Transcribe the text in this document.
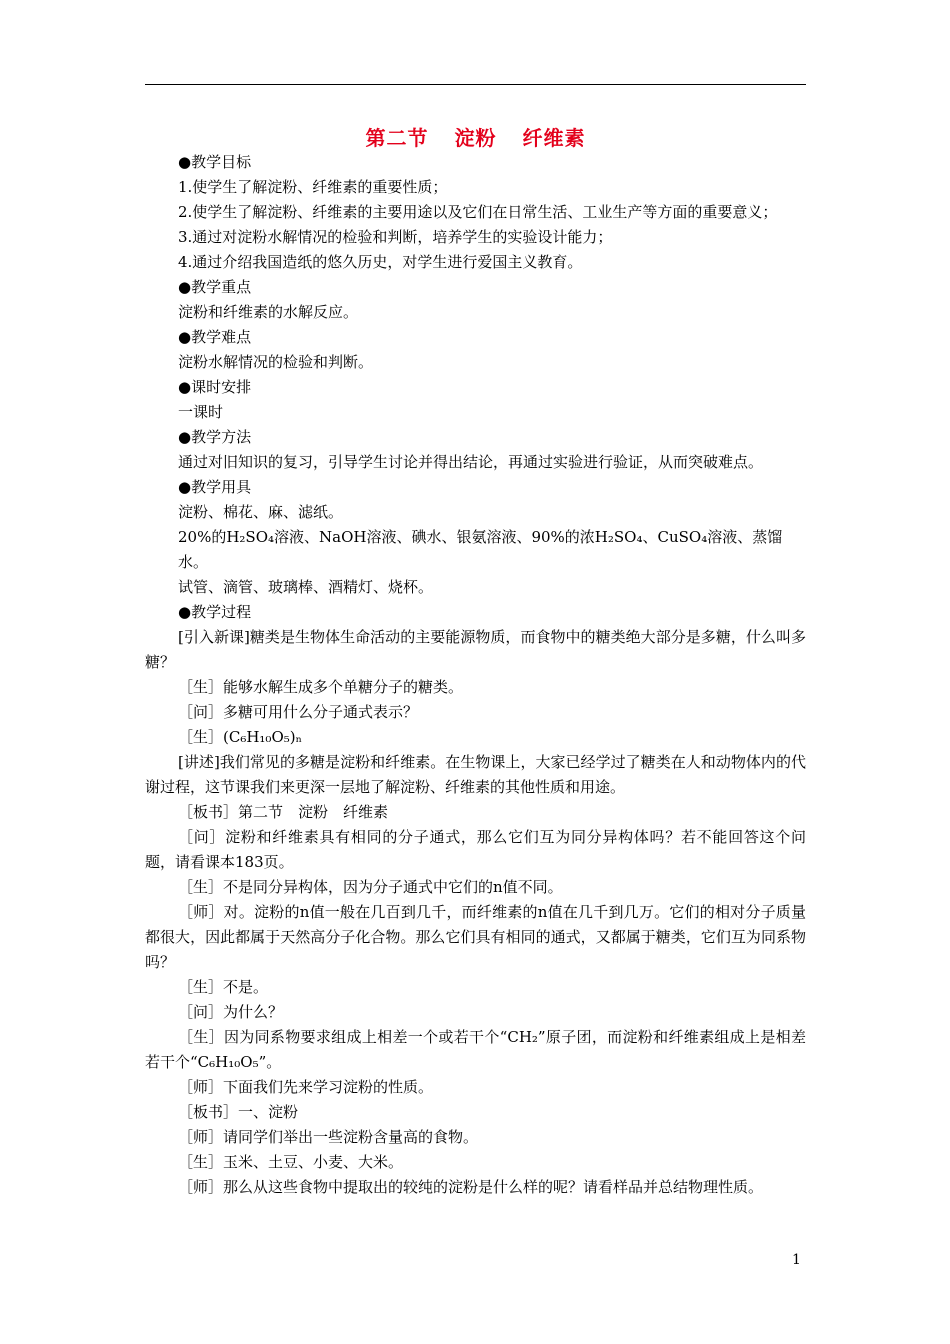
第二节 淀粉 纤维素

●教学目标

1.使学生了解淀粉、纤维素的重要性质；

2.使学生了解淀粉、纤维素的主要用途以及它们在日常生活、工业生产等方面的重要意义；

3.通过对淀粉水解情况的检验和判断，培养学生的实验设计能力；

4.通过介绍我国造纸的悠久历史，对学生进行爱国主义教育。

●教学重点

淀粉和纤维素的水解反应。

●教学难点

淀粉水解情况的检验和判断。

●课时安排

一课时

●教学方法

通过对旧知识的复习，引导学生讨论并得出结论，再通过实验进行验证，从而突破难点。

●教学用具

淀粉、棉花、麻、滤纸。

20%的H₂SO₄溶液、NaOH溶液、碘水、银氨溶液、90%的浓H₂SO₄、CuSO₄溶液、蒸馏水。

试管、滴管、玻璃棒、酒精灯、烧杯。

●教学过程

[引入新课]糖类是生物体生命活动的主要能源物质，而食物中的糖类绝大部分是多糖，什么叫多糖？

［生］能够水解生成多个单糖分子的糖类。

［问］多糖可用什么分子通式表示？

［生］(C₆H₁₀O₅)ₙ

[讲述]我们常见的多糖是淀粉和纤维素。在生物课上，大家已经学过了糖类在人和动物体内的代谢过程，这节课我们来更深一层地了解淀粉、纤维素的其他性质和用途。

［板书］第二节　淀粉　纤维素

［问］淀粉和纤维素具有相同的分子通式，那么它们互为同分异构体吗？若不能回答这个问题，请看课本183页。

［生］不是同分异构体，因为分子通式中它们的n值不同。

［师］对。淀粉的n值一般在几百到几千，而纤维素的n值在几千到几万。它们的相对分子质量都很大，因此都属于天然高分子化合物。那么它们具有相同的通式，又都属于糖类，它们互为同系物吗？

［生］不是。

［问］为什么？

［生］因为同系物要求组成上相差一个或若干个“CH₂”原子团，而淀粉和纤维素组成上是相差若干个“C₆H₁₀O₅”。

［师］下面我们先来学习淀粉的性质。

［板书］一、淀粉

［师］请同学们举出一些淀粉含量高的食物。

［生］玉米、土豆、小麦、大米。

［师］那么从这些食物中提取出的较纯的淀粉是什么样的呢？请看样品并总结物理性质。

1
